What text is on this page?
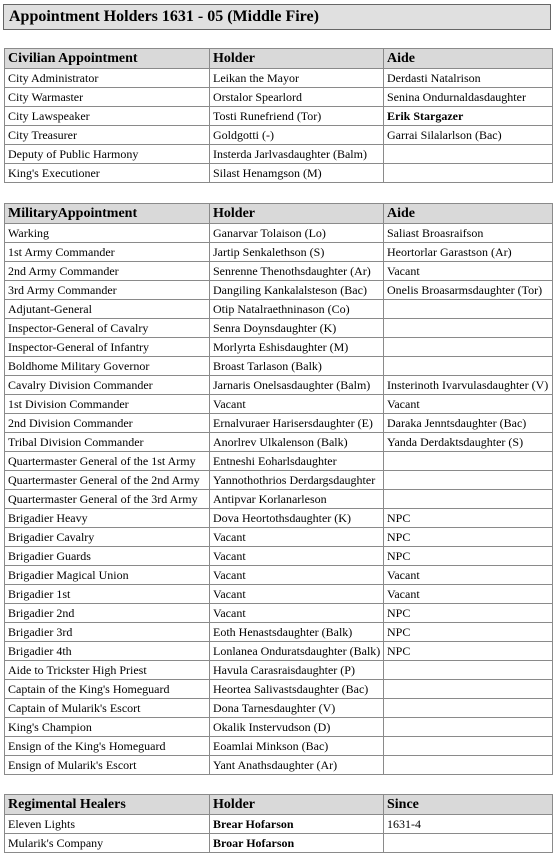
Appointment Holders 1631 - 05 (Middle Fire)
Civilian Appointment	Holder	Aide
City Administrator	Leikan the Mayor	Derdasti Natalrison
City Warmaster	Orstalor Spearlord	Senina Ondurnaldasdaughter
City Lawspeaker	Tosti Runefriend (Tor)	Erik Stargazer
City Treasurer	Goldgotti (-)	Garrai Silalarlson (Bac)
Deputy of Public Harmony	Insterda Jarlvasdaughter (Balm)	
King's Executioner	Silast Henamgson (M)	
MilitaryAppointment	Holder	Aide
Warking	Ganarvar Tolaison (Lo)	Saliast Broasraifson
1st Army Commander	Jartip Senkalethson (S)	Heortorlar Garastson (Ar)
2nd Army Commander	Senrenne Thenothsdaughter (Ar)	Vacant
3rd Army Commander	Dangiling Kankalalsteson (Bac)	Onelis Broasarmsdaughter (Tor)
Adjutant-General	Otip Natalraethninason (Co)	
Inspector-General of Cavalry	Senra Doynsdaughter (K)	
Inspector-General of Infantry	Morlyrta Eshisdaughter (M)	
Boldhome Military Governor	Broast Tarlason (Balk)	
Cavalry Division Commander	Jarnaris Onelsasdaughter (Balm)	Insterinoth Ivarvulasdaughter (V)
1st Division Commander	Vacant	Vacant
2nd Division Commander	Ernalvuraer Harisersdaughter (E)	Daraka Jenntsdaughter (Bac)
Tribal Division Commander	Anorlrev Ulkalenson (Balk)	Yanda Derdaktsdaughter (S)
Quartermaster General of the 1st Army	Entneshi Eoharlsdaughter	
Quartermaster General of the 2nd Army	Yannothothrios Derdargsdaughter	
Quartermaster General of the 3rd Army	Antipvar Korlanarleson	
Brigadier Heavy	Dova Heortothsdaughter (K)	NPC
Brigadier Cavalry	Vacant	NPC
Brigadier Guards	Vacant	NPC
Brigadier Magical Union	Vacant	Vacant
Brigadier 1st	Vacant	Vacant
Brigadier 2nd	Vacant	NPC
Brigadier 3rd	Eoth Henastsdaughter (Balk)	NPC
Brigadier 4th	Lonlanea Onduratsdaughter (Balk)	NPC
Aide to Trickster High Priest	Havula Carasraisdaughter (P)	
Captain of the King's Homeguard	Heortea Salivastsdaughter (Bac)	
Captain of Mularik's Escort	Dona Tarnesdaughter (V)	
King's Champion	Okalik Instervudson (D)	
Ensign of the King's Homeguard	Eoamlai Minkson (Bac)	
Ensign of Mularik's Escort	Yant Anathsdaughter (Ar)	
Regimental Healers	Holder	Since
Eleven Lights	Brear Hofarson	1631-4
Mularik's Company	Broar Hofarson	
